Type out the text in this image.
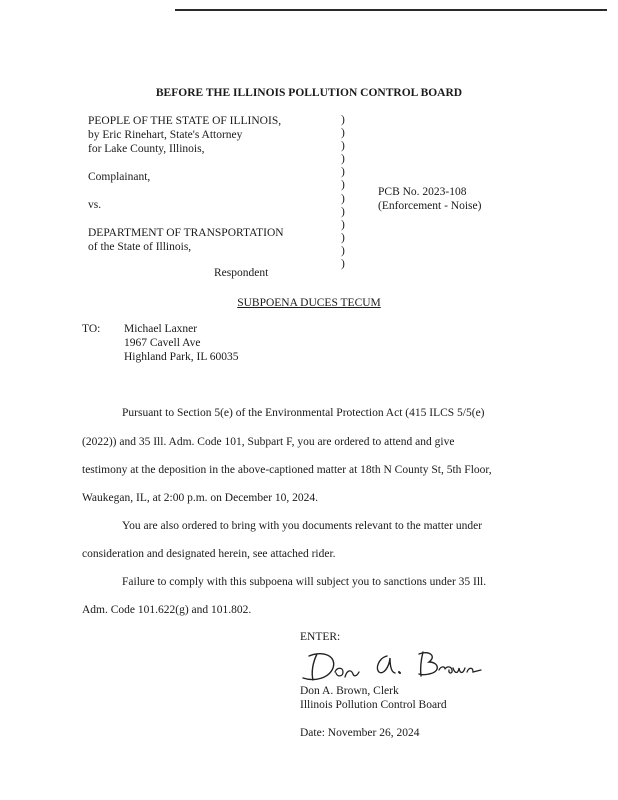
BEFORE THE ILLINOIS POLLUTION CONTROL BOARD
PEOPLE OF THE STATE OF ILLINOIS,
by Eric Rinehart, State's Attorney
for Lake County, Illinois,
Complainant,
vs.
DEPARTMENT OF TRANSPORTATION
of the State of Illinois,
Respondent
)
)
)
)
)
)
)
)
)
)
)
)
PCB No. 2023-108
(Enforcement - Noise)
SUBPOENA DUCES TECUM
TO: Michael Laxner
1967 Cavell Ave
Highland Park, IL 60035
Pursuant to Section 5(e) of the Environmental Protection Act (415 ILCS 5/5(e)
(2022)) and 35 Ill. Adm. Code 101, Subpart F, you are ordered to attend and give
testimony at the deposition in the above-captioned matter at 18th N County St, 5th Floor,
Waukegan, IL, at 2:00 p.m. on December 10, 2024.
You are also ordered to bring with you documents relevant to the matter under
consideration and designated herein, see attached rider.
Failure to comply with this subpoena will subject you to sanctions under 35 Ill.
Adm. Code 101.622(g) and 101.802.
ENTER:
Don A. Brown, Clerk
Illinois Pollution Control Board
Date: November 26, 2024
